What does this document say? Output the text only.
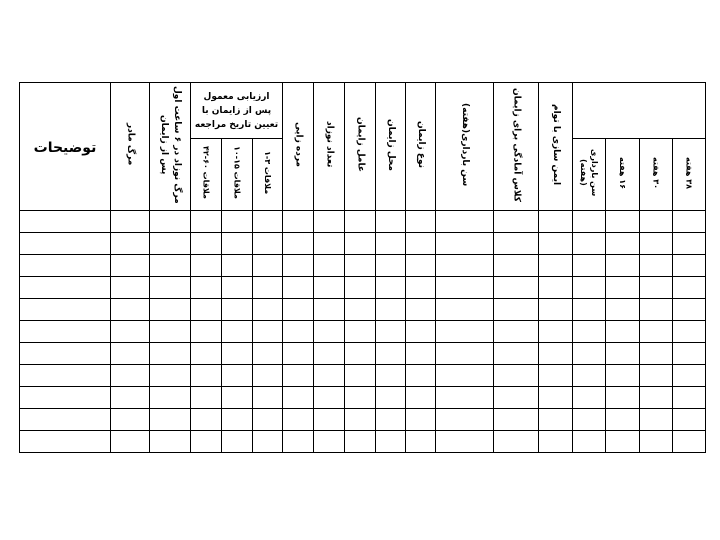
توضیحات	مرگ مادر	مرگ نوزاد در ۶ ساعت اول پس از زایمان	ارزیابی معمول پس از زایمان با تعیین تاریخ مراجعه			مرده زایی	تعداد نوزاد	عامل زایمان	محل زایمان	نوع زایمان	سن بارداری(هفته)	کلاس آمادگی برای زایمان	ایمن سازی با توام				
			ملاقات ۶۰-۴۲	ملاقات ۱۵-۱۰	ملاقات ۳-۱									سن بارداری (هفته)	۱۶ هفته	۳۰ هفته	۳۸ هفته
